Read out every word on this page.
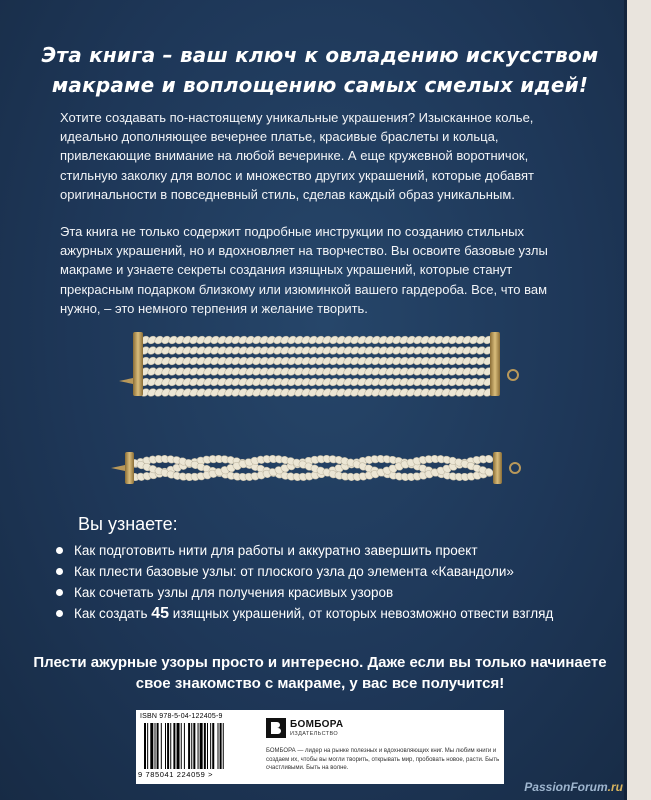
Эта книга – ваш ключ к овладению искусством макраме и воплощению самых смелых идей!

Хотите создавать по-настоящему уникальные украшения? Изысканное колье, идеально дополняющее вечернее платье, красивые браслеты и кольца, привлекающие внимание на любой вечеринке. А еще кружевной воротничок, стильную заколку для волос и множество других украшений, которые добавят оригинальности в повседневный стиль, сделав каждый образ уникальным.

Эта книга не только содержит подробные инструкции по созданию стильных ажурных украшений, но и вдохновляет на творчество. Вы освоите базовые узлы макраме и узнаете секреты создания изящных украшений, которые станут прекрасным подарком близкому или изюминкой вашего гардероба. Все, что вам нужно, – это немного терпения и желание творить.

Вы узнаете:
Как подготовить нити для работы и аккуратно завершить проект
Как плести базовые узлы: от плоского узла до элемента «Кавандоли»
Как сочетать узлы для получения красивых узоров
Как создать 45 изящных украшений, от которых невозможно отвести взгляд
Плести ажурные узоры просто и интересно. Даже если вы только начинаете свое знакомство с макраме, у вас все получится!
ISBN 978-5-04-122405-9
9 785041 224059 >
БОМБОРА
ИЗДАТЕЛЬСТВО
БОМБОРА — лидер на рынке полезных и вдохновляющих книг. Мы любим книги и создаем их, чтобы вы могли творить, открывать мир, пробовать новое, расти. Быть счастливыми. Быть на волне.
PassionForum.ru
